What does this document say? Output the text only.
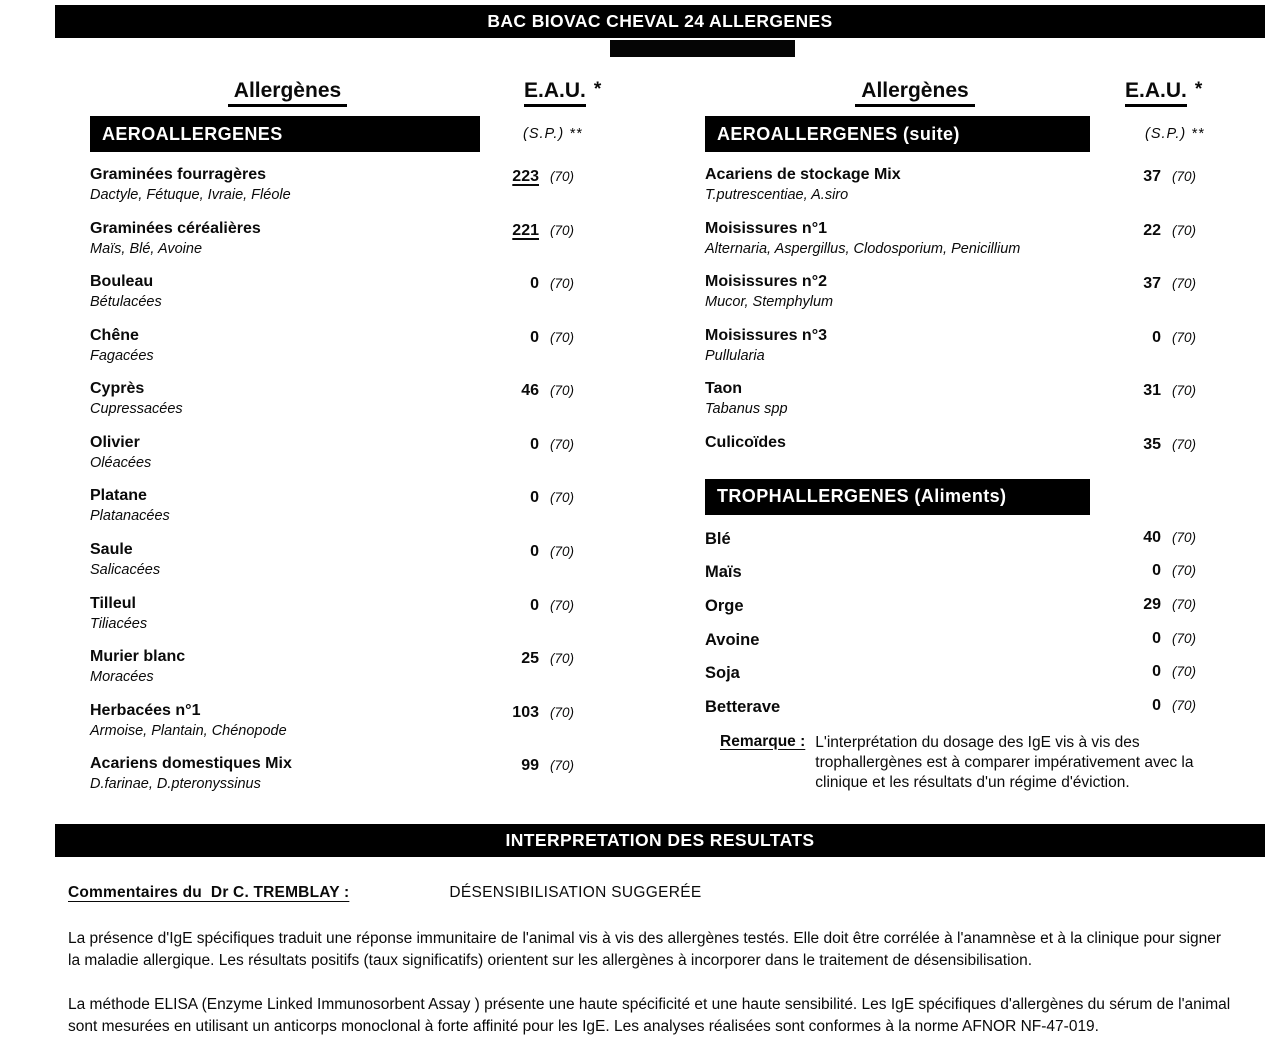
BAC BIOVAC CHEVAL 24 ALLERGENES
Allergènes	E.A.U. *
AEROALLERGENES	(S.P.) **
Graminées fourragères
Dactyle, Fétuque, Ivraie, Fléole
223 (70)
Graminées céréalières
Maïs, Blé, Avoine
221 (70)
Bouleau
Bétulacées
0 (70)
Chêne
Fagacées
0 (70)
Cyprès
Cupressacées
46 (70)
Olivier
Oléacées
0 (70)
Platane
Platanacées
0 (70)
Saule
Salicacées
0 (70)
Tilleul
Tiliacées
0 (70)
Murier blanc
Moracées
25 (70)
Herbacées n°1
Armoise, Plantain, Chénopode
103 (70)
Acariens domestiques Mix
D.farinae, D.pteronyssinus
99 (70)
Allergènes	E.A.U. *
AEROALLERGENES (suite)	(S.P.) **
Acariens de stockage Mix
T.putrescentiae, A.siro
37 (70)
Moisissures n°1
Alternaria, Aspergillus, Clodosporium, Penicillium
22 (70)
Moisissures n°2
Mucor, Stemphylum
37 (70)
Moisissures n°3
Pullularia
0 (70)
Taon
Tabanus spp
31 (70)
Culicoïdes	35 (70)
TROPHALLERGENES (Aliments)
Blé	40 (70)
Maïs	0 (70)
Orge	29 (70)
Avoine	0 (70)
Soja	0 (70)
Betterave	0 (70)
Remarque : L'interprétation du dosage des IgE vis à vis des trophallergènes est à comparer impérativement avec la clinique et les résultats d'un régime d'éviction.
INTERPRETATION DES RESULTATS
Commentaires du  Dr C. TREMBLAY :	DÉSENSIBILISATION SUGGERÉE

La présence d'IgE spécifiques traduit une réponse immunitaire de l'animal vis à vis des allergènes testés. Elle doit être corrélée à l'anamnèse et à la clinique pour signer la maladie allergique. Les résultats positifs (taux significatifs) orientent sur les allergènes à incorporer dans le traitement de désensibilisation.

La méthode ELISA (Enzyme Linked Immunosorbent Assay ) présente une haute spécificité et une haute sensibilité. Les IgE spécifiques d'allergènes du sérum de l'animal sont mesurées en utilisant un anticorps monoclonal à forte affinité pour les IgE. Les analyses réalisées sont conformes à la norme AFNOR NF-47-019.
